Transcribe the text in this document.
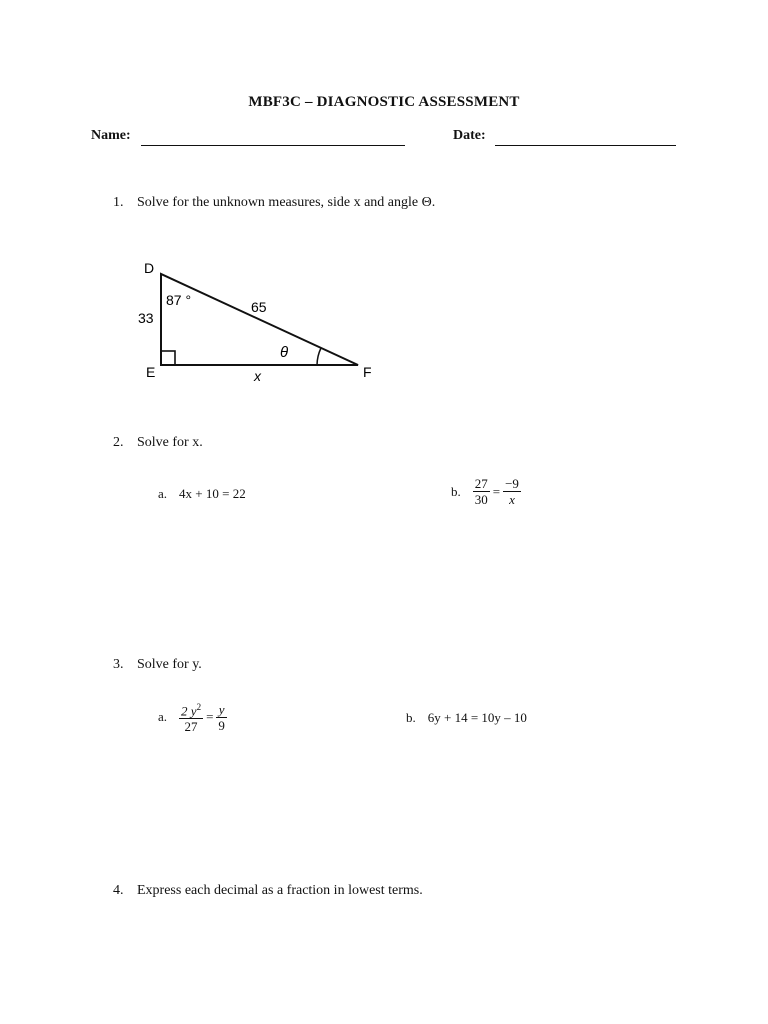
MBF3C – DIAGNOSTIC ASSESSMENT
Name:	Date:
1. Solve for the unknown measures, side x and angle Θ.
D
E	F
87 °
33
65
θ
x
2. Solve for x.
a. 4x + 10 = 22	b. $\frac{27}{30} = \frac{-9}{x}$
3. Solve for y.
a. $\frac{2 y^2}{27} = \frac{y}{9}$	b. 6y + 14 = 10y – 10
4. Express each decimal as a fraction in lowest terms.
